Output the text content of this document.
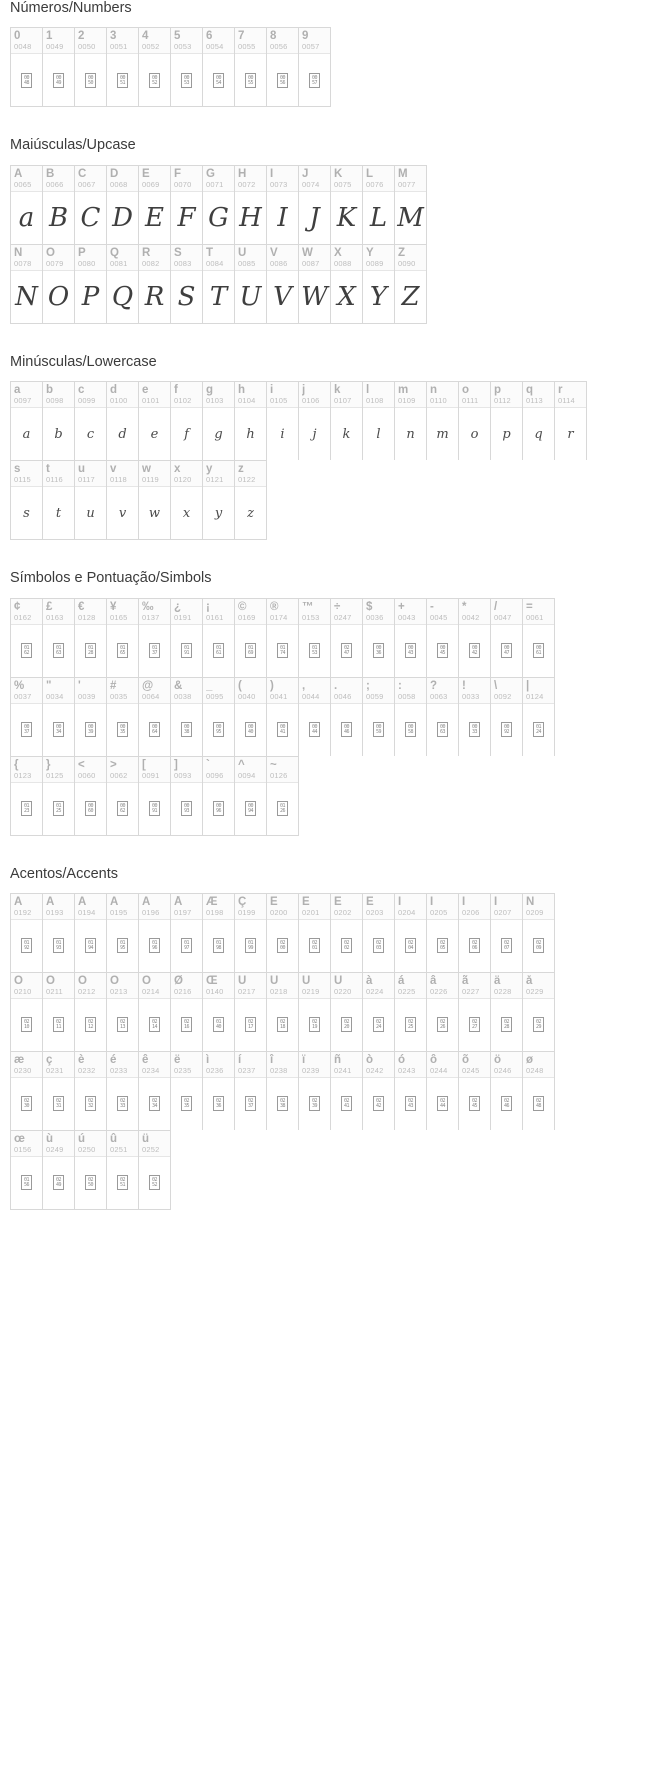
Números/Numbers
0
0048
00
48
1
0049
00
49
2
0050
00
50
3
0051
00
51
4
0052
00
52
5
0053
00
53
6
0054
00
54
7
0055
00
55
8
0056
00
56
9
0057
00
57
Maiúsculas/Upcase
A
0065
a
B
0066
B
C
0067
C
D
0068
D
E
0069
E
F
0070
F
G
0071
G
H
0072
H
I
0073
I
J
0074
J
K
0075
K
L
0076
L
M
0077
M
N
0078
N
O
0079
O
P
0080
P
Q
0081
Q
R
0082
R
S
0083
S
T
0084
T
U
0085
U
V
0086
V
W
0087
W
X
0088
X
Y
0089
Y
Z
0090
Z
Minúsculas/Lowercase
a
0097
a
b
0098
b
c
0099
c
d
0100
d
e
0101
e
f
0102
f
g
0103
g
h
0104
h
i
0105
i
j
0106
j
k
0107
k
l
0108
l
m
0109
n
n
0110
m
o
0111
o
p
0112
p
q
0113
q
r
0114
r
s
0115
s
t
0116
t
u
0117
u
v
0118
v
w
0119
w
x
0120
x
y
0121
y
z
0122
z
Símbolos e Pontuação/Simbols
¢
0162
01
62
£
0163
01
63
€
0128
01
28
¥
0165
01
65
‰
0137
01
37
¿
0191
01
91
¡
0161
01
61
©
0169
01
69
®
0174
01
74
™
0153
01
53
÷
0247
02
47
$
0036
00
36
+
0043
00
43
-
0045
00
45
*
0042
00
42
/
0047
00
47
=
0061
00
61
%
0037
00
37
"
0034
00
34
'
0039
00
39
#
0035
00
35
@
0064
00
64
&
0038
00
38
_
0095
00
95
(
0040
00
40
)
0041
00
41
,
0044
00
44
.
0046
00
46
;
0059
00
59
:
0058
00
58
?
0063
00
63
!
0033
00
33
\
0092
00
92
|
0124
01
24
{
0123
01
23
}
0125
01
25
<
0060
00
60
>
0062
00
62
[
0091
00
91
]
0093
00
93
`
0096
00
96
^
0094
00
94
~
0126
01
26
Acentos/Accents
À
0192
01
92
Á
0193
01
93
Â
0194
01
94
Ã
0195
01
95
Ä
0196
01
96
Å
0197
01
97
Æ
0198
01
98
Ç
0199
01
99
È
0200
02
00
É
0201
02
01
Ê
0202
02
02
Ë
0203
02
03
Ì
0204
02
04
Í
0205
02
05
Î
0206
02
06
Ï
0207
02
07
Ñ
0209
02
09
Ò
0210
02
10
Ó
0211
02
11
Ô
0212
02
12
Õ
0213
02
13
Ö
0214
02
14
Ø
0216
02
16
Œ
0140
01
40
Ù
0217
02
17
Ú
0218
02
18
Û
0219
02
19
Ü
0220
02
20
à
0224
02
24
á
0225
02
25
â
0226
02
26
ã
0227
02
27
ä
0228
02
28
å
0229
02
29
æ
0230
02
30
ç
0231
02
31
è
0232
02
32
é
0233
02
33
ê
0234
02
34
ë
0235
02
35
ì
0236
02
36
í
0237
02
37
î
0238
02
38
ï
0239
02
39
ñ
0241
02
41
ò
0242
02
42
ó
0243
02
43
ô
0244
02
44
õ
0245
02
45
ö
0246
02
46
ø
0248
02
48
œ
0156
01
56
ù
0249
02
49
ú
0250
02
50
û
0251
02
51
ü
0252
02
52
